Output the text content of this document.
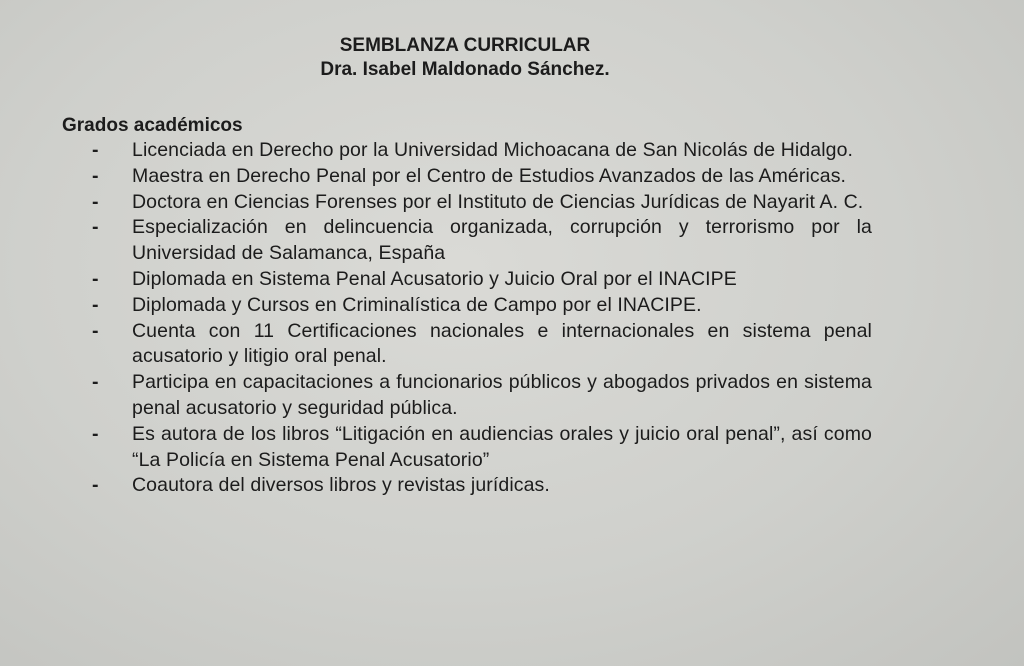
SEMBLANZA CURRICULAR
Dra. Isabel Maldonado Sánchez.
Grados académicos
-	Licenciada en Derecho por la Universidad Michoacana de San Nicolás de Hidalgo.
-	Maestra en Derecho Penal por el Centro de Estudios Avanzados de las Américas.
-	Doctora en Ciencias Forenses por el Instituto de Ciencias Jurídicas de Nayarit A. C.
-	Especialización en delincuencia organizada, corrupción y terrorismo por la Universidad de Salamanca, España
-	Diplomada en Sistema Penal Acusatorio y Juicio Oral por el INACIPE
-	Diplomada y Cursos en Criminalística de Campo por el INACIPE.
-	Cuenta con 11 Certificaciones nacionales e internacionales en sistema penal acusatorio y litigio oral penal.
-	Participa en capacitaciones a funcionarios públicos y abogados privados en sistema penal acusatorio y seguridad pública.
-	Es autora de los libros “Litigación en audiencias orales y juicio oral penal”, así como “La Policía en Sistema Penal Acusatorio”
-	Coautora del diversos libros y revistas jurídicas.
